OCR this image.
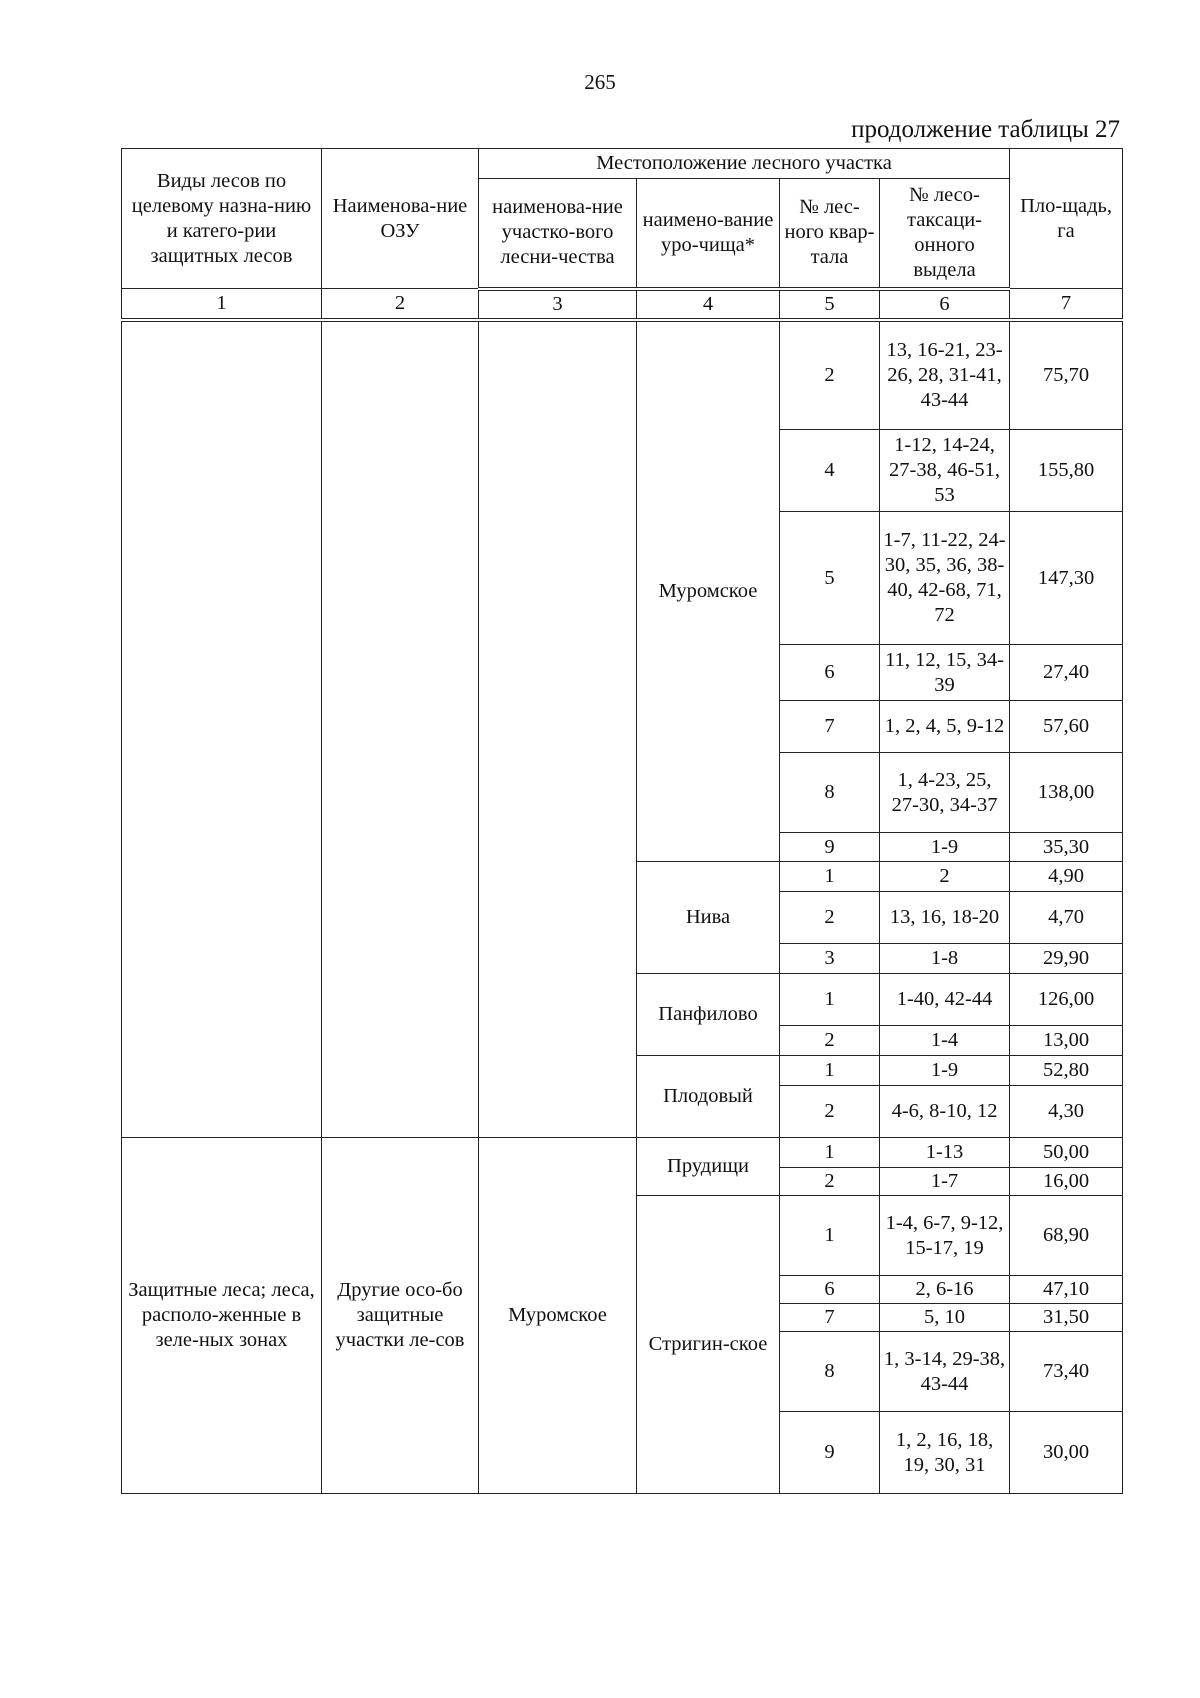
265
продолжение таблицы 27
Виды лесов по целевому назна-нию и катего-рии защитных лесов	Наименова-ние ОЗУ	Местоположение лесного участка				Пло-щадь, га
		наименова-ние участко-вого лесни-чества	наимено-вание уро-чища*	№ лес-ного квар-тала	№ лесо-таксаци-онного выдела	
1	2	3	4	5	6	7
			Муромское	2	13, 16-21, 23-26, 28, 31-41, 43-44	75,70
				4	1-12, 14-24, 27-38, 46-51, 53	155,80
				5	1-7, 11-22, 24-30, 35, 36, 38-40, 42-68, 71, 72	147,30
				6	11, 12, 15, 34-39	27,40
				7	1, 2, 4, 5, 9-12	57,60
				8	1, 4-23, 25, 27-30, 34-37	138,00
				9	1-9	35,30
			Нива	1	2	4,90
				2	13, 16, 18-20	4,70
				3	1-8	29,90
			Панфилово	1	1-40, 42-44	126,00
				2	1-4	13,00
			Плодовый	1	1-9	52,80
				2	4-6, 8-10, 12	4,30
Защитные леса; леса, располо-женные в зеле-ных зонах	Другие осо-бо защитные участки ле-сов	Муромское	Прудищи	1	1-13	50,00
				2	1-7	16,00
			Стригин-ское	1	1-4, 6-7, 9-12, 15-17, 19	68,90
				6	2, 6-16	47,10
				7	5, 10	31,50
				8	1, 3-14, 29-38, 43-44	73,40
				9	1, 2, 16, 18, 19, 30, 31	30,00
